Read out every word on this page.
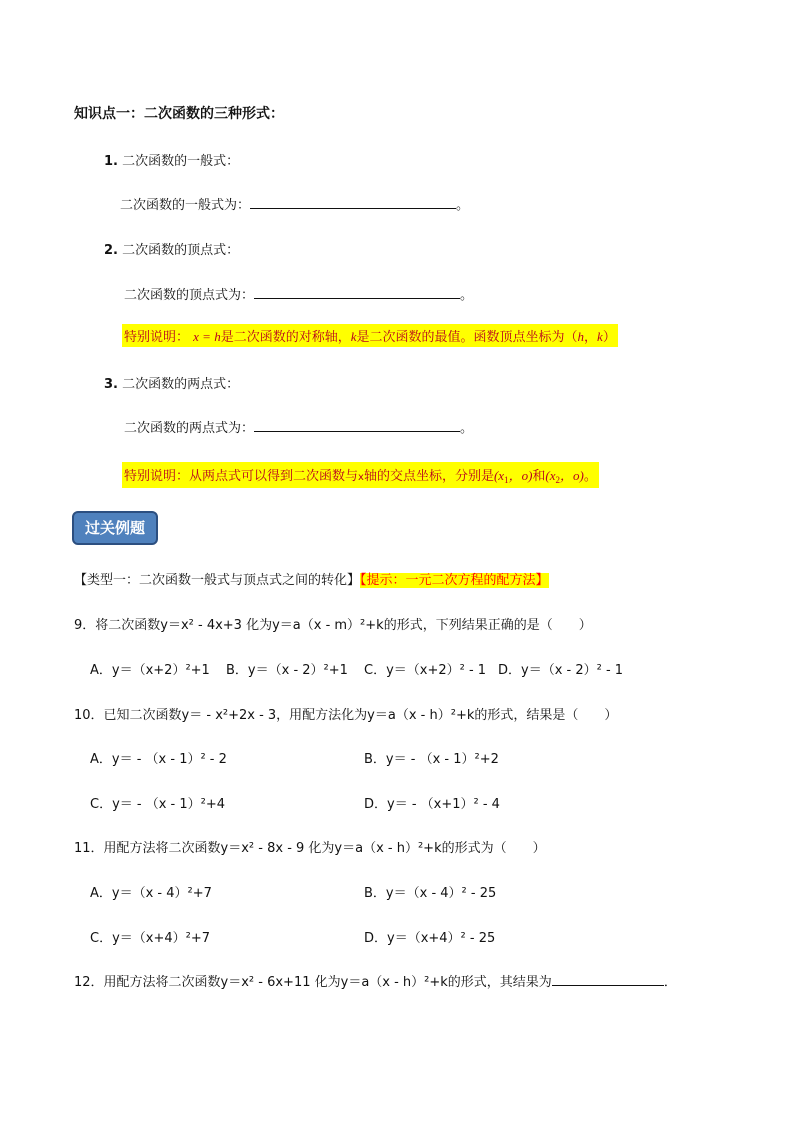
知识点一：二次函数的三种形式：
1. 二次函数的一般式：
二次函数的一般式为：	。
2. 二次函数的顶点式：
二次函数的顶点式为：	。
特别说明： x = h是二次函数的对称轴，k是二次函数的最值。函数顶点坐标为（h，k）
3. 二次函数的两点式：
二次函数的两点式为：	。
特别说明：从两点式可以得到二次函数与x轴的交点坐标，分别是($x_1$，o)和($x_2$，o)。
过关例题
【类型一：二次函数一般式与顶点式之间的转化】【提示：一元二次方程的配方法】
9．将二次函数y＝x² - 4x+3 化为y＝a（x - m）²+k的形式，下列结果正确的是（　　）
A．y＝（x+2）²+1 B．y＝（x - 2）²+1 C．y＝（x+2）² - 1 D．y＝（x - 2）² - 1
10．已知二次函数y＝ - x²+2x - 3，用配方法化为y＝a（x - h）²+k的形式，结果是（　　）
A．y＝ - （x - 1）² - 2	B．y＝ - （x - 1）²+2
C．y＝ - （x - 1）²+4	D．y＝ - （x+1）² - 4
11．用配方法将二次函数y＝x² - 8x - 9 化为y＝a（x - h）²+k的形式为（　　）
A．y＝（x - 4）²+7	B．y＝（x - 4）² - 25
C．y＝（x+4）²+7	D．y＝（x+4）² - 25
12．用配方法将二次函数y＝x² - 6x+11 化为y＝a（x - h）²+k的形式，其结果为	．
